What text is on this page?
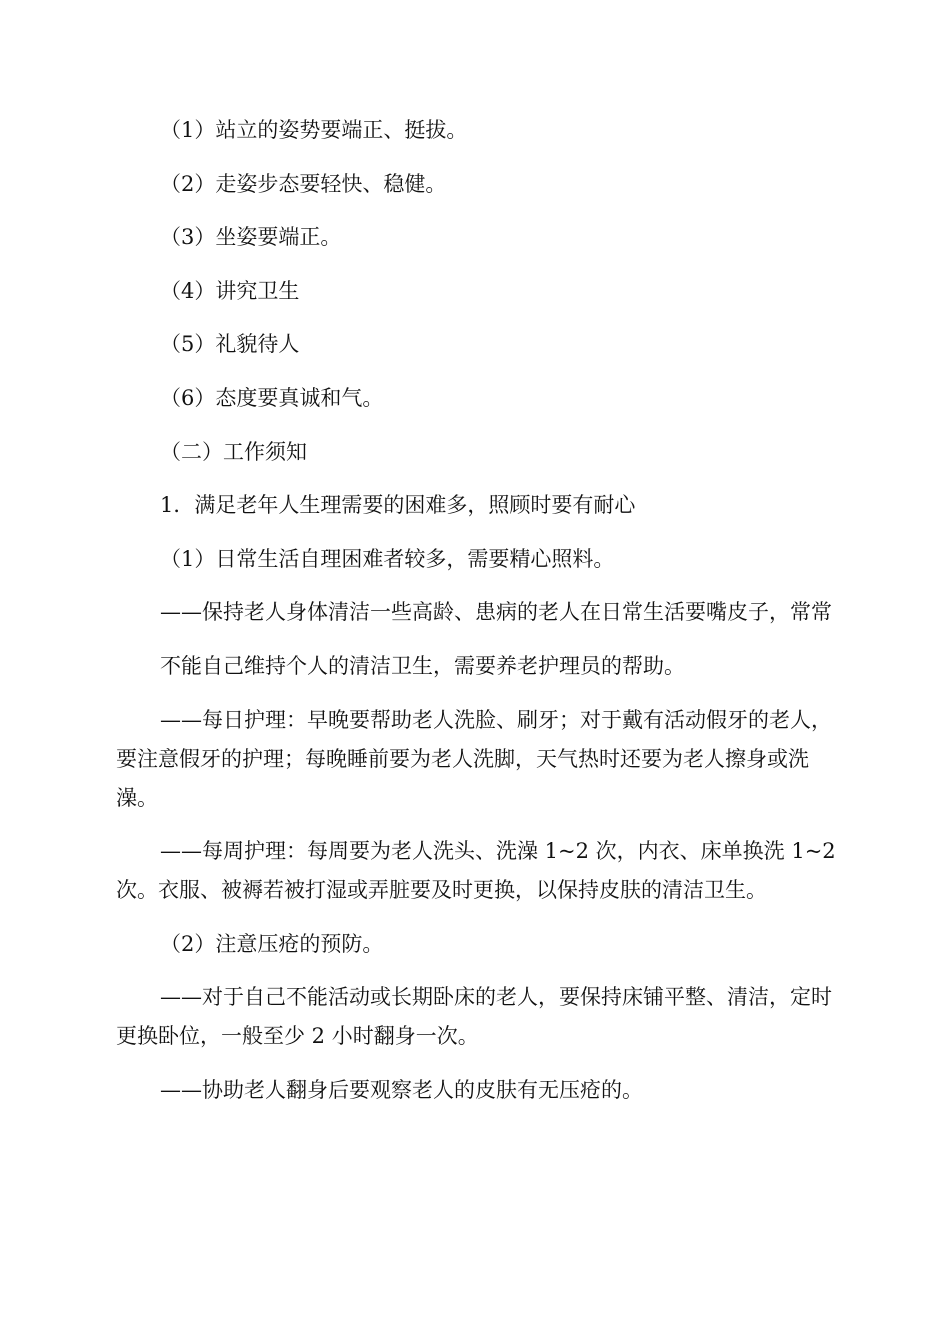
（1）站立的姿势要端正、挺拔。
（2）走姿步态要轻快、稳健。
（3）坐姿要端正。
（4）讲究卫生
（5）礼貌待人
（6）态度要真诚和气。
（二）工作须知
1．满足老年人生理需要的困难多，照顾时要有耐心
（1）日常生活自理困难者较多，需要精心照料。
——保持老人身体清洁一些高龄、患病的老人在日常生活要嘴皮子，常常
不能自己维持个人的清洁卫生，需要养老护理员的帮助。
——每日护理：早晚要帮助老人洗脸、刷牙；对于戴有活动假牙的老人，要注意假牙的护理；每晚睡前要为老人洗脚，天气热时还要为老人擦身或洗澡。
——每周护理：每周要为老人洗头、洗澡 1~2 次，内衣、床单换洗 1~2 次。衣服、被褥若被打湿或弄脏要及时更换，以保持皮肤的清洁卫生。
（2）注意压疮的预防。
——对于自己不能活动或长期卧床的老人，要保持床铺平整、清洁，定时更换卧位，一般至少 2 小时翻身一次。
——协助老人翻身后要观察老人的皮肤有无压疮的。
